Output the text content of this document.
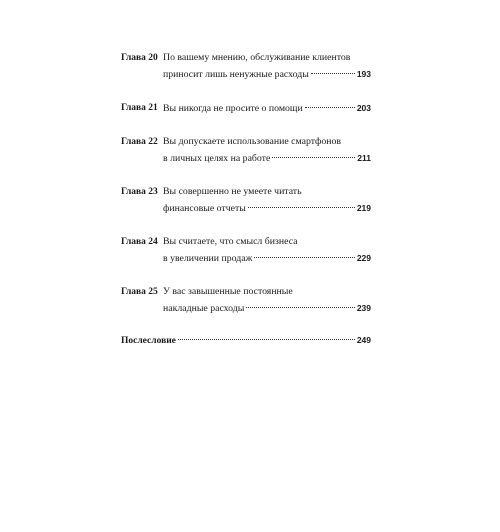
Глава 20 По вашему мнению, обслуживание клиентов
приносит лишь ненужные расходы	193
Глава 21 Вы никогда не просите о помощи	203
Глава 22 Вы допускаете использование смартфонов
в личных целях на работе	211
Глава 23 Вы совершенно не умеете читать
финансовые отчеты	219
Глава 24 Вы считаете, что смысл бизнеса
в увеличении продаж	229
Глава 25 У вас завышенные постоянные
накладные расходы	239
Послесловие	249
